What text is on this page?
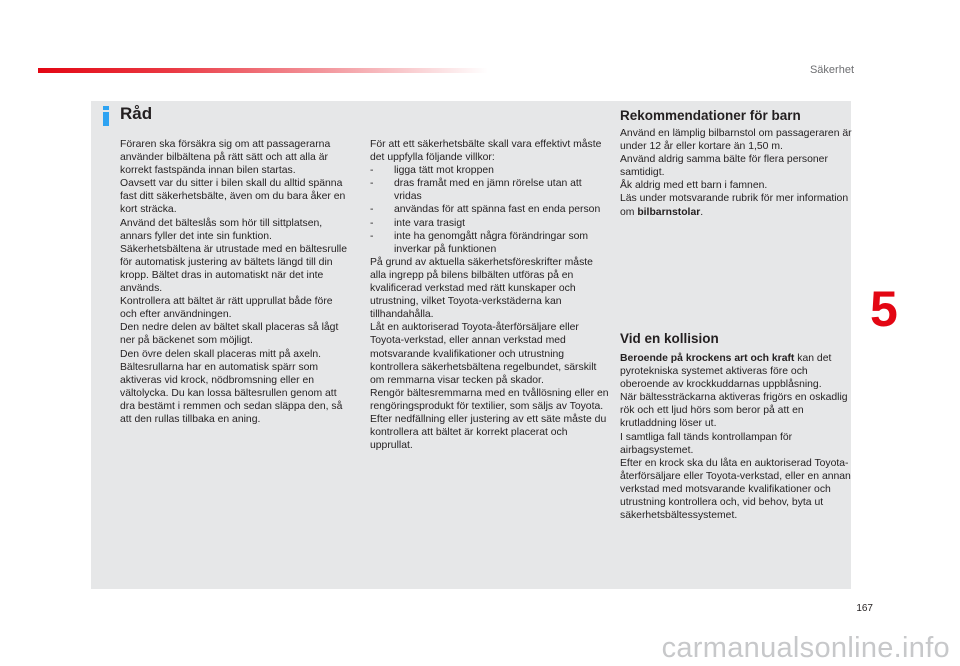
Säkerhet
Råd

Föraren ska försäkra sig om att passagerarna använder bilbältena på rätt sätt och att alla är korrekt fastspända innan bilen startas.

Oavsett var du sitter i bilen skall du alltid spänna fast ditt säkerhetsbälte, även om du bara åker en kort sträcka.

Använd det bälteslås som hör till sittplatsen, annars fyller det inte sin funktion.

Säkerhetsbältena är utrustade med en bältesrulle för automatisk justering av bältets längd till din kropp. Bältet dras in automatiskt när det inte används.

Kontrollera att bältet är rätt upprullat både före och efter användningen.

Den nedre delen av bältet skall placeras så lågt ner på bäckenet som möjligt.

Den övre delen skall placeras mitt på axeln.

Bältesrullarna har en automatisk spärr som aktiveras vid krock, nödbromsning eller en vältolycka. Du kan lossa bältesrullen genom att dra bestämt i remmen och sedan släppa den, så att den rullas tillbaka en aning.

För att ett säkerhetsbälte skall vara effektivt måste det uppfylla följande villkor:

-	ligga tätt mot kroppen
-	dras framåt med en jämn rörelse utan att vridas
-	användas för att spänna fast en enda person
-	inte vara trasigt
-	inte ha genomgått några förändringar som inverkar på funktionen

På grund av aktuella säkerhetsföreskrifter måste alla ingrepp på bilens bilbälten utföras på en kvalificerad verkstad med rätt kunskaper och utrustning, vilket Toyota-verkstäderna kan tillhandahålla.

Låt en auktoriserad Toyota-återförsäljare eller Toyota-verkstad, eller annan verkstad med motsvarande kvalifikationer och utrustning kontrollera säkerhetsbältena regelbundet, särskilt om remmarna visar tecken på skador.

Rengör bältesremmarna med en tvållösning eller en rengöringsprodukt för textilier, som säljs av Toyota.

Efter nedfällning eller justering av ett säte måste du kontrollera att bältet är korrekt placerat och upprullat.

Rekommendationer för barn

Använd en lämplig bilbarnstol om passageraren är under 12 år eller kortare än 1,50 m.

Använd aldrig samma bälte för flera personer samtidigt.

Åk aldrig med ett barn i famnen.

Läs under motsvarande rubrik för mer information om bilbarnstolar.

Vid en kollision

Beroende på krockens art och kraft kan det pyrotekniska systemet aktiveras före och oberoende av krockkuddarnas uppblåsning.

När bältessträckarna aktiveras frigörs en oskadlig rök och ett ljud hörs som beror på att en krutladdning löser ut.

I samtliga fall tänds kontrollampan för airbagsystemet.

Efter en krock ska du låta en auktoriserad Toyota-återförsäljare eller Toyota-verkstad, eller en annan verkstad med motsvarande kvalifikationer och utrustning kontrollera och, vid behov, byta ut säkerhetsbältessystemet.

5
167
carmanualsonline.info
